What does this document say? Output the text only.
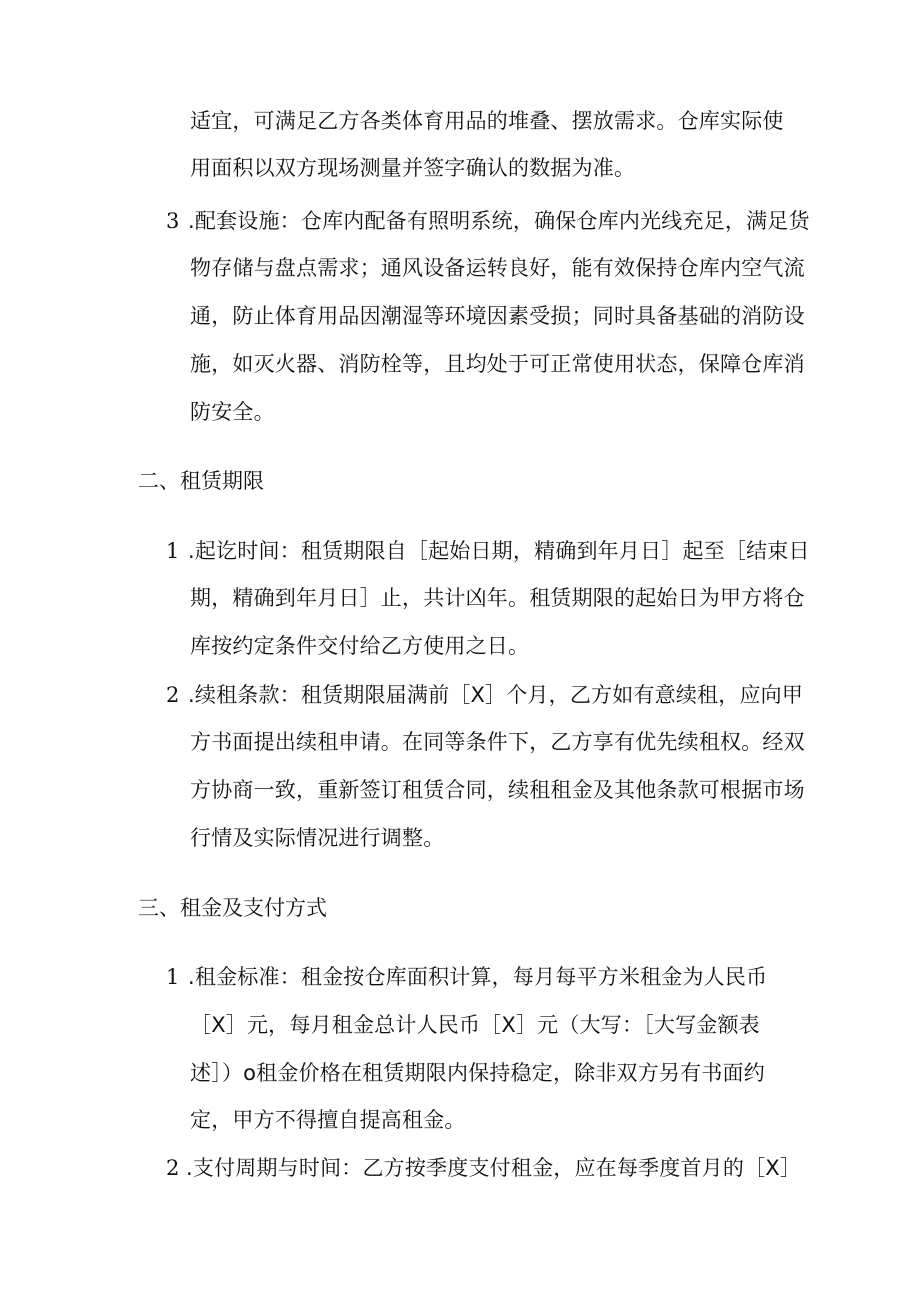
适宜，可满足乙方各类体育用品的堆叠、摆放需求。仓库实际使
用面积以双方现场测量并签字确认的数据为准。
3 .配套设施：仓库内配备有照明系统，确保仓库内光线充足，满足货
物存储与盘点需求；通风设备运转良好，能有效保持仓库内空气流
通，防止体育用品因潮湿等环境因素受损；同时具备基础的消防设
施，如灭火器、消防栓等，且均处于可正常使用状态，保障仓库消
防安全。
二、租赁期限
1 .起讫时间：租赁期限自［起始日期，精确到年月日］起至［结束日
期，精确到年月日］止，共计凶年。租赁期限的起始日为甲方将仓
库按约定条件交付给乙方使用之日。
2 .续租条款：租赁期限届满前［X］个月，乙方如有意续租，应向甲
方书面提出续租申请。在同等条件下，乙方享有优先续租权。经双
方协商一致，重新签订租赁合同，续租租金及其他条款可根据市场
行情及实际情况进行调整。
三、租金及支付方式
1 .租金标准：租金按仓库面积计算，每月每平方米租金为人民币
［X］元，每月租金总计人民币［X］元（大写：［大写金额表
述］）o租金价格在租赁期限内保持稳定，除非双方另有书面约
定，甲方不得擅自提高租金。
2 .支付周期与时间：乙方按季度支付租金，应在每季度首月的［X］
